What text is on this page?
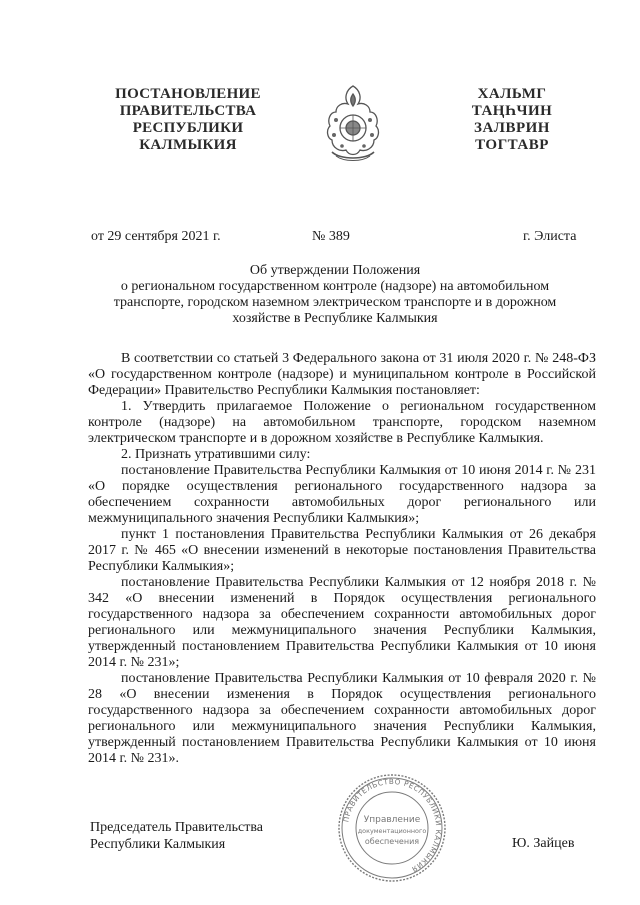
ПОСТАНОВЛЕНИЕ
ПРАВИТЕЛЬСТВА
РЕСПУБЛИКИ
КАЛМЫКИЯ
ХАЛЬМГ
ТАҢҺЧИН
ЗАЛВРИН
ТОГТАВР
от 29 сентября 2021 г.	№ 389	г. Элиста
Об утверждении Положения
о региональном государственном контроле (надзоре) на автомобильном
транспорте, городском наземном электрическом транспорте и в дорожном
хозяйстве в Республике Калмыкия

В соответствии со статьей 3 Федерального закона от 31 июля 2020 г. № 248-ФЗ «О государственном контроле (надзоре) и муниципальном контроле в Российской Федерации» Правительство Республики Калмыкия постановляет:

1. Утвердить прилагаемое Положение о региональном государственном контроле (надзоре) на автомобильном транспорте, городском наземном электрическом транспорте и в дорожном хозяйстве в Республике Калмыкия.

2. Признать утратившими силу:

постановление Правительства Республики Калмыкия от 10 июня 2014 г. № 231 «О порядке осуществления регионального государственного надзора за обеспечением сохранности автомобильных дорог регионального или межмуниципального значения Республики Калмыкия»;

пункт 1 постановления Правительства Республики Калмыкия от 26 декабря 2017 г. № 465 «О внесении изменений в некоторые постановления Правительства Республики Калмыкия»;

постановление Правительства Республики Калмыкия от 12 ноября 2018 г. № 342 «О внесении изменений в Порядок осуществления регионального государственного надзора за обеспечением сохранности автомобильных дорог регионального или межмуниципального значения Республики Калмыкия, утвержденный постановлением Правительства Республики Калмыкия от 10 июня 2014 г. № 231»;

постановление Правительства Республики Калмыкия от 10 февраля 2020 г. № 28 «О внесении изменения в Порядок осуществления регионального государственного надзора за обеспечением сохранности автомобильных дорог регионального или межмуниципального значения Республики Калмыкия, утвержденный постановлением Правительства Республики Калмыкия от 10 июня 2014 г. № 231».

ПРАВИТЕЛЬСТВО РЕСПУБЛИКИ КАЛМЫКИЯ
Управление
документационного
обеспечения
Председатель Правительства
Республики Калмыкия	Ю. Зайцев
